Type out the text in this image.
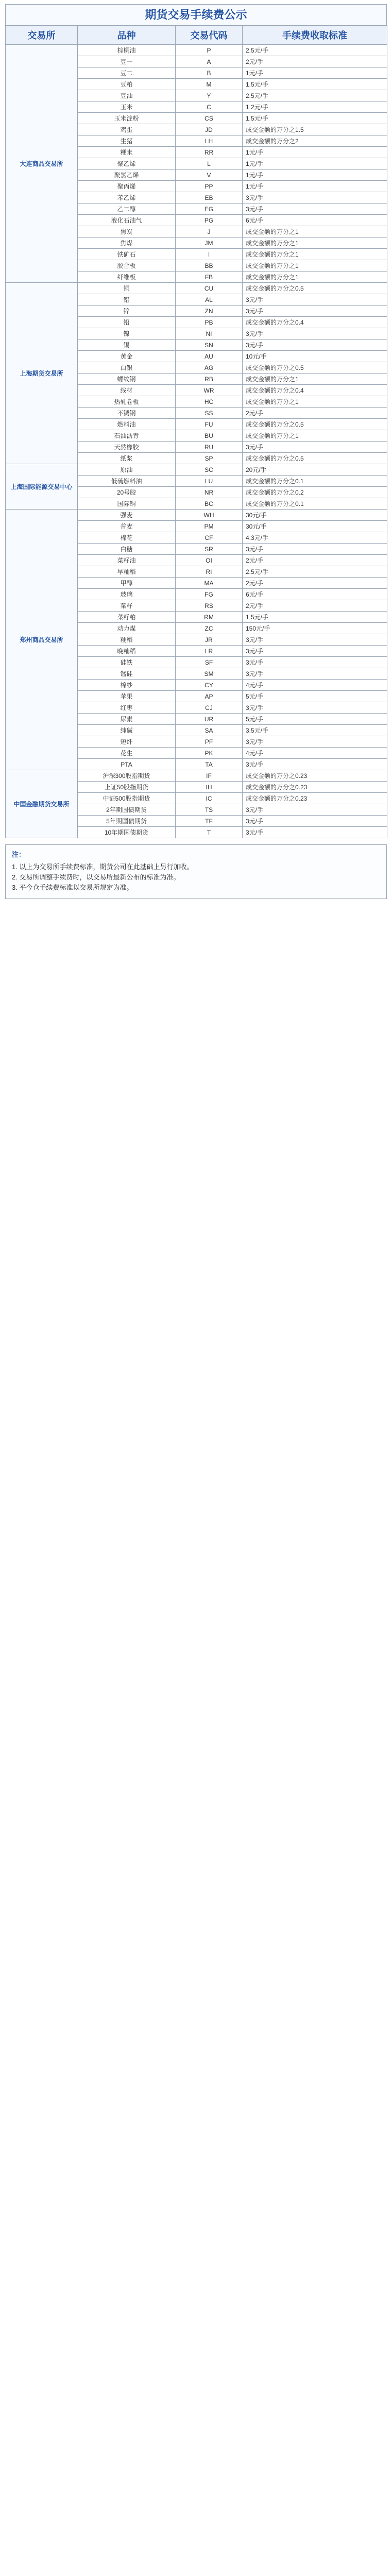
期货交易手续费公示
交易所	品种	交易代码	手续费收取标准
大连商品交易所	棕榈油	P	2.5元/手
	豆一	A	2元/手
	豆二	B	1元/手
	豆粕	M	1.5元/手
	豆油	Y	2.5元/手
	玉米	C	1.2元/手
	玉米淀粉	CS	1.5元/手
	鸡蛋	JD	成交金额的万分之1.5
	生猪	LH	成交金额的万分之2
	粳米	RR	1元/手
	聚乙烯	L	1元/手
	聚氯乙烯	V	1元/手
	聚丙烯	PP	1元/手
	苯乙烯	EB	3元/手
	乙二醇	EG	3元/手
	液化石油气	PG	6元/手
	焦炭	J	成交金额的万分之1
	焦煤	JM	成交金额的万分之1
	铁矿石	I	成交金额的万分之1
	胶合板	BB	成交金额的万分之1
	纤维板	FB	成交金额的万分之1
上海期货交易所	铜	CU	成交金额的万分之0.5
	铝	AL	3元/手
	锌	ZN	3元/手
	铅	PB	成交金额的万分之0.4
	镍	NI	3元/手
	锡	SN	3元/手
	黄金	AU	10元/手
	白银	AG	成交金额的万分之0.5
	螺纹钢	RB	成交金额的万分之1
	线材	WR	成交金额的万分之0.4
	热轧卷板	HC	成交金额的万分之1
	不锈钢	SS	2元/手
	燃料油	FU	成交金额的万分之0.5
	石油沥青	BU	成交金额的万分之1
	天然橡胶	RU	3元/手
	纸浆	SP	成交金额的万分之0.5
上海国际能源交易中心	原油	SC	20元/手
	低硫燃料油	LU	成交金额的万分之0.1
	20号胶	NR	成交金额的万分之0.2
	国际铜	BC	成交金额的万分之0.1
郑州商品交易所	强麦	WH	30元/手
	普麦	PM	30元/手
	棉花	CF	4.3元/手
	白糖	SR	3元/手
	菜籽油	OI	2元/手
	早籼稻	RI	2.5元/手
	甲醇	MA	2元/手
	玻璃	FG	6元/手
	菜籽	RS	2元/手
	菜籽粕	RM	1.5元/手
	动力煤	ZC	150元/手
	粳稻	JR	3元/手
	晚籼稻	LR	3元/手
	硅铁	SF	3元/手
	锰硅	SM	3元/手
	棉纱	CY	4元/手
	苹果	AP	5元/手
	红枣	CJ	3元/手
	尿素	UR	5元/手
	纯碱	SA	3.5元/手
	短纤	PF	3元/手
	花生	PK	4元/手
	PTA	TA	3元/手
中国金融期货交易所	沪深300股指期货	IF	成交金额的万分之0.23
	上证50股指期货	IH	成交金额的万分之0.23
	中证500股指期货	IC	成交金额的万分之0.23
	2年期国债期货	TS	3元/手
	5年期国债期货	TF	3元/手
	10年期国债期货	T	3元/手
注：
1. 以上为交易所手续费标准，期货公司在此基础上另行加收。
2. 交易所调整手续费时，以交易所最新公布的标准为准。
3. 平今仓手续费标准以交易所规定为准。
